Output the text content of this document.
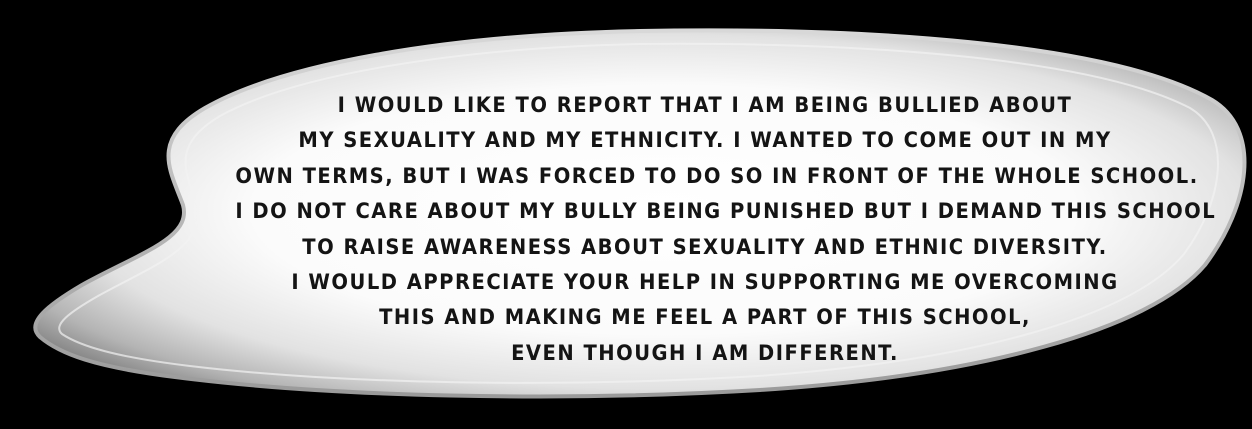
I WOULD LIKE TO REPORT THAT I AM BEING BULLIED ABOUT
MY SEXUALITY AND MY ETHNICITY. I WANTED TO COME OUT IN MY
OWN TERMS, BUT I WAS FORCED TO DO SO IN FRONT OF THE WHOLE SCHOOL.
I DO NOT CARE ABOUT MY BULLY BEING PUNISHED BUT I DEMAND THIS SCHOOL
TO RAISE AWARENESS ABOUT SEXUALITY AND ETHNIC DIVERSITY.
I WOULD APPRECIATE YOUR HELP IN SUPPORTING ME OVERCOMING
THIS AND MAKING ME FEEL A PART OF THIS SCHOOL,
EVEN THOUGH I AM DIFFERENT.
